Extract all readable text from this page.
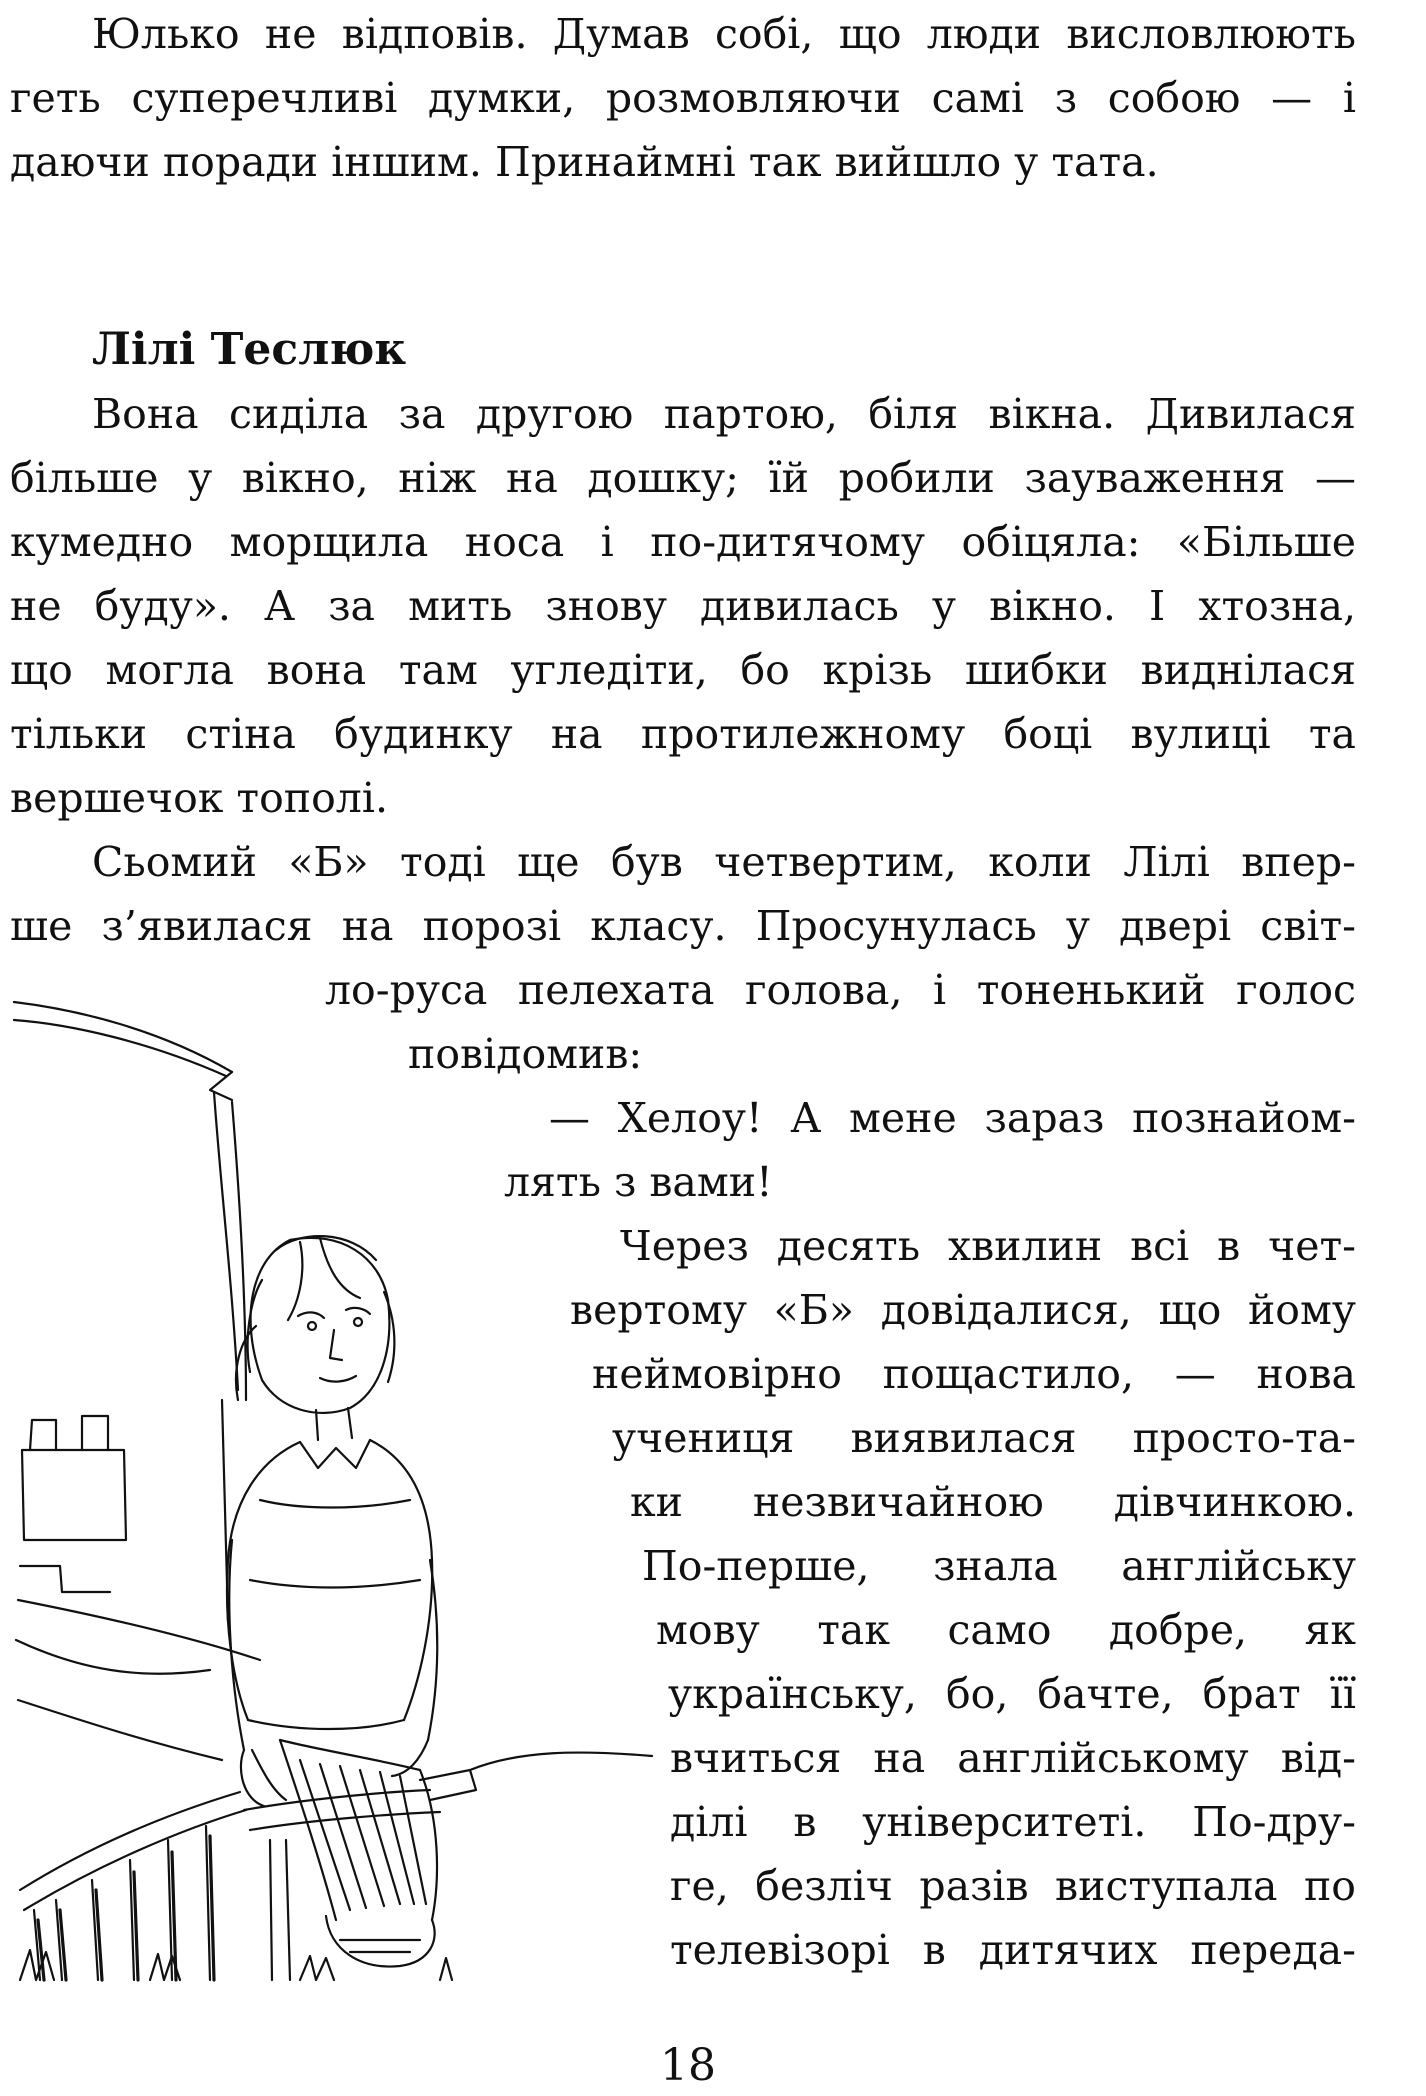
Юлько не відповів. Думав собі, що люди висловлюють
геть суперечливі думки, розмовляючи самі з собою — і
даючи поради іншим. Принаймні так вийшло у тата.
Лілі Теслюк
Вона сиділа за другою партою, біля вікна. Дивилася
більше у вікно, ніж на дошку; їй робили зауваження —
кумедно морщила носа і по-дитячому обіцяла: «Більше
не буду». А за мить знову дивилась у вікно. І хтозна,
що могла вона там угледіти, бо крізь шибки виднілася
тільки стіна будинку на протилежному боці вулиці та
вершечок тополі.
Сьомий «Б» тоді ще був четвертим, коли Лілі впер-
ше з’явилася на порозі класу. Просунулась у двері світ-
ло-руса пелехата голова, і тоненький голос
повідомив:
— Хелоу! А мене зараз познайом-
лять з вами!
Через десять хвилин всі в чет-
вертому «Б» довідалися, що йому
неймовірно пощастило, — нова
учениця виявилася просто-та-
ки незвичайною дівчинкою.
По-перше, знала англійську
мову так само добре, як
українську, бо, бачте, брат її
вчиться на англійському від-
ділі в університеті. По-дру-
ге, безліч разів виступала по
телевізорі в дитячих переда-
18
